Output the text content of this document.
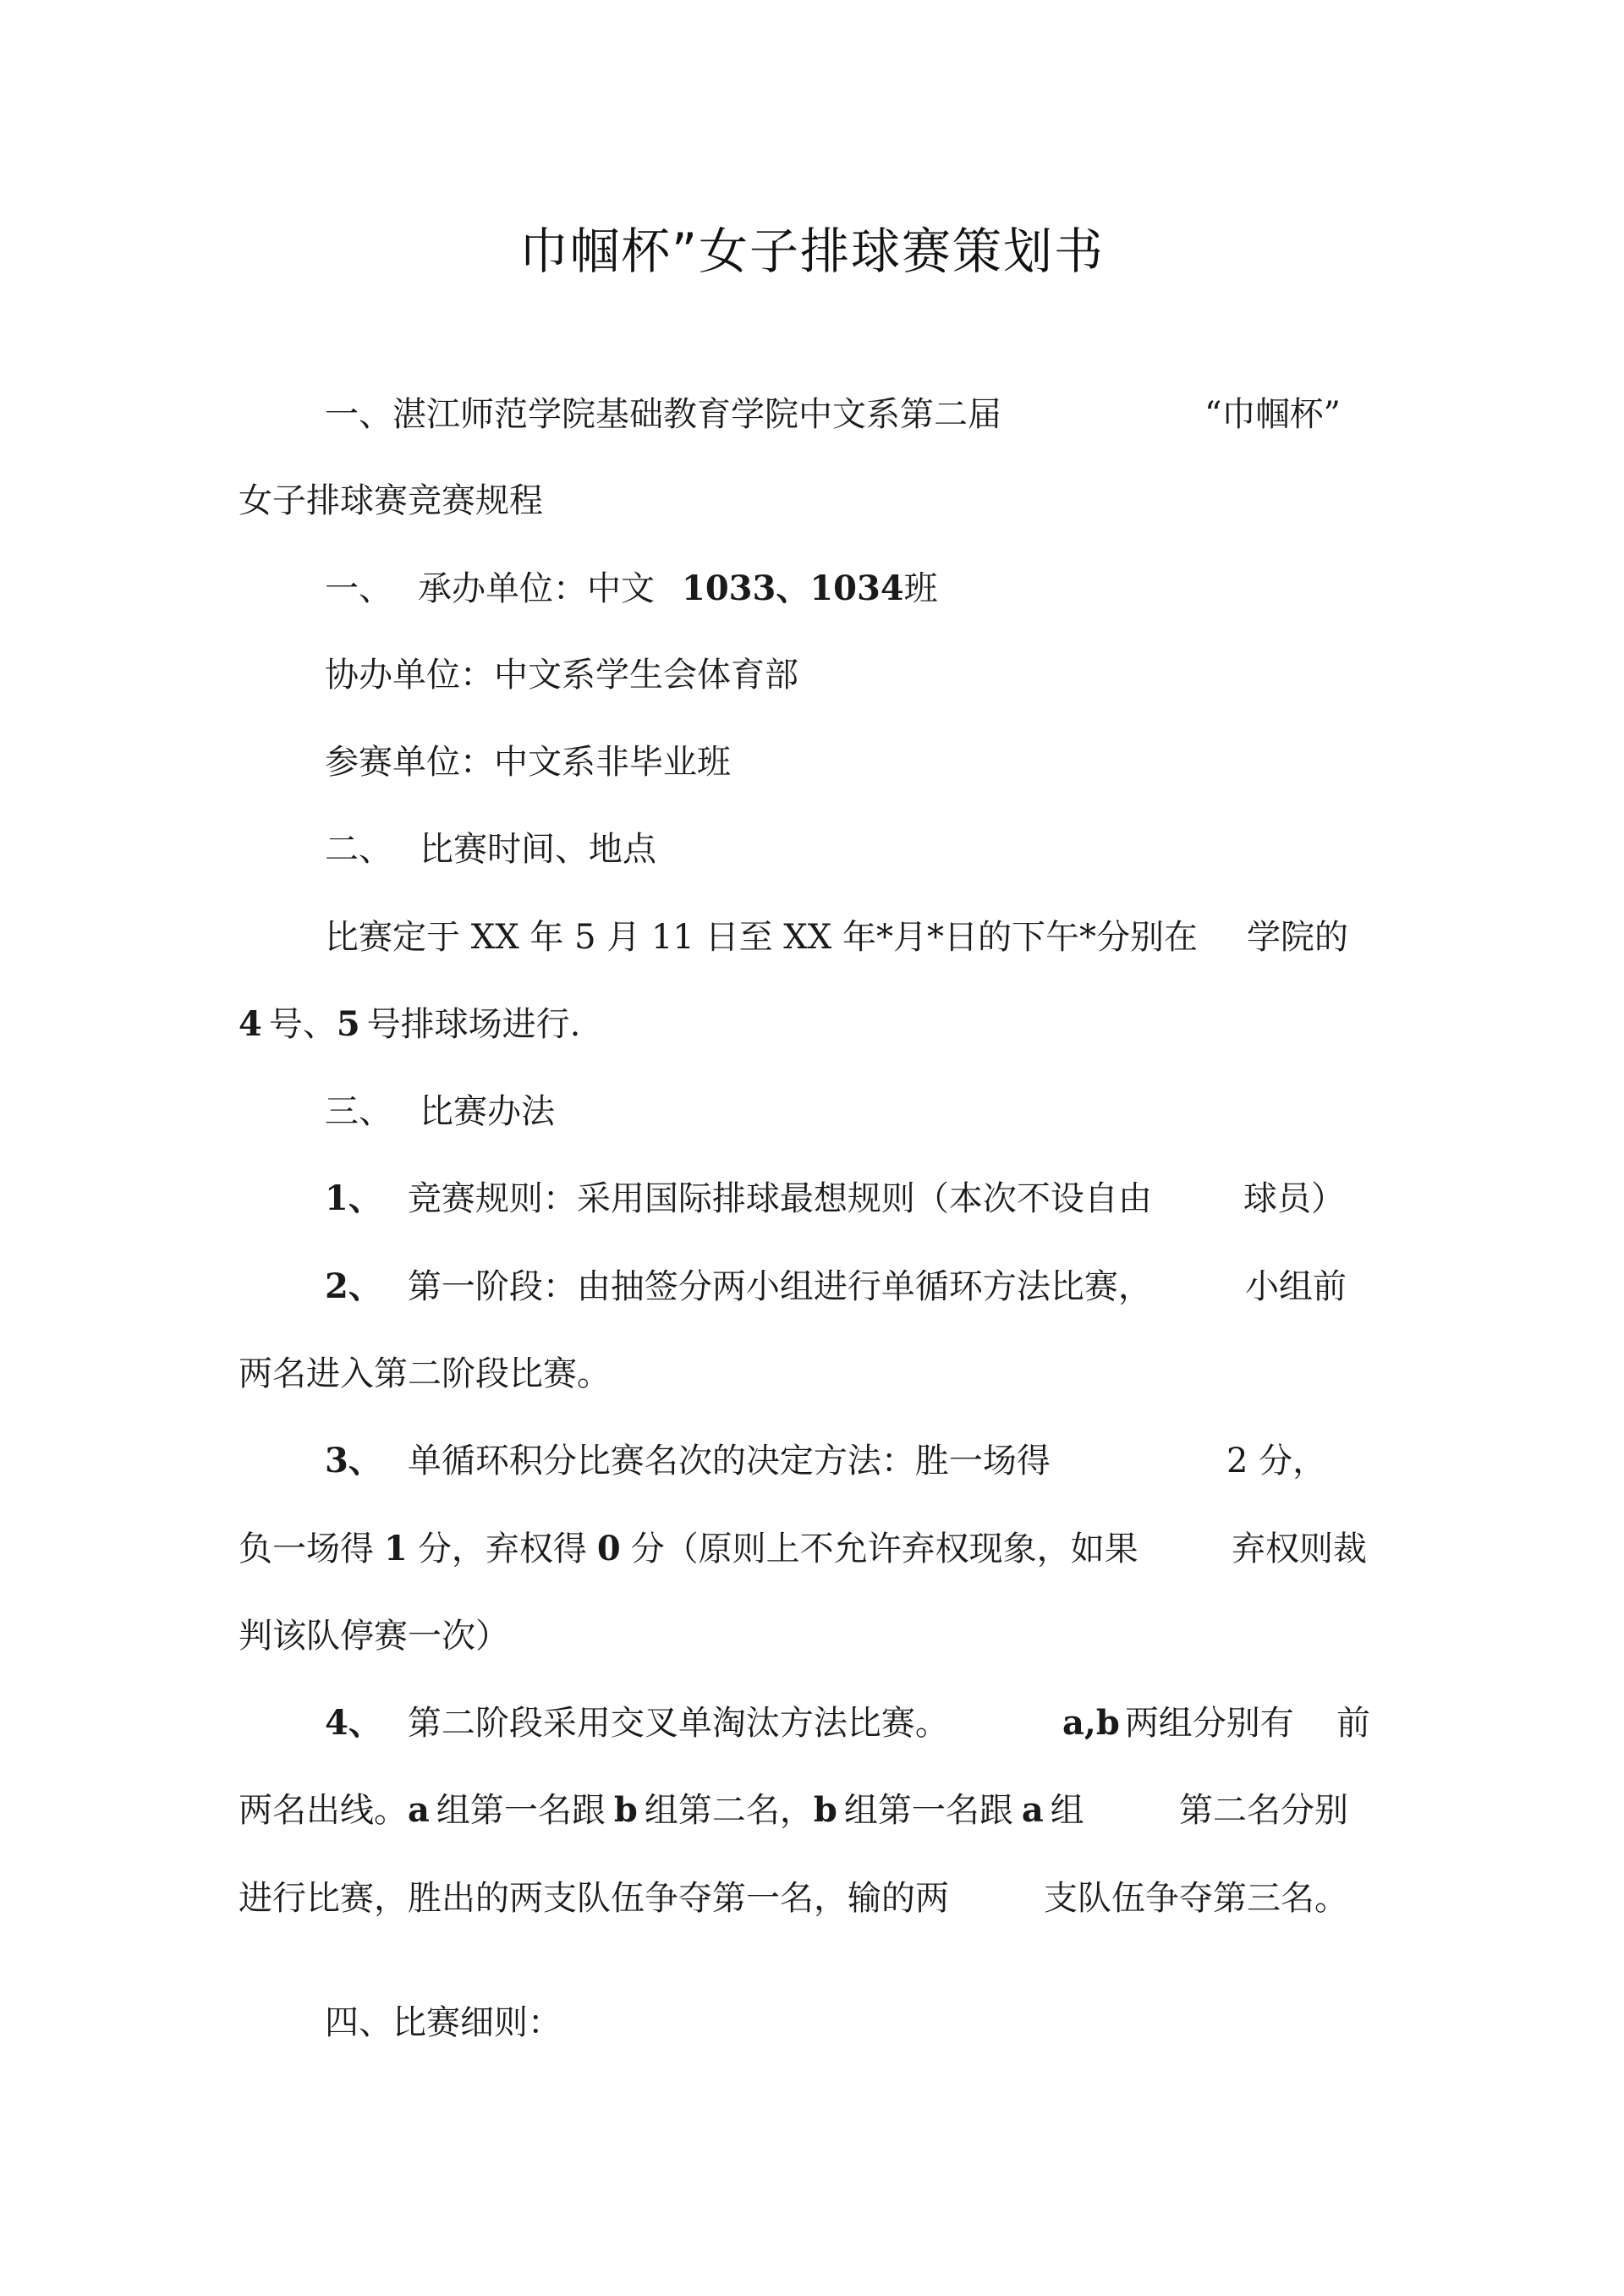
巾帼杯”女子排球赛策划书
一、湛江师范学院基础教育学院中文系第二届	“巾帼杯”
女子排球赛竞赛规程
一、 承办单位：中文 1033、1034班
协办单位：中文系学生会体育部
参赛单位：中文系非毕业班
二、 比赛时间、地点
比赛定于 XX 年 5 月 11 日至 XX 年*月*日的下午*分别在 学院的
4 号、5 号排球场进行.
三、 比赛办法
1、 竞赛规则：采用国际排球最想规则（本次不设自由	球员）
2、 第一阶段：由抽签分两小组进行单循环方法比赛，	小组前
两名进入第二阶段比赛。
3、 单循环积分比赛名次的决定方法：胜一场得	2 分，
负一场得 1 分，弃权得 0 分（原则上不允许弃权现象，如果	弃权则裁
判该队停赛一次）
4、 第二阶段采用交叉单淘汰方法比赛。	a,b 两组分别有 前
两名出线。a 组第一名跟 b 组第二名，b 组第一名跟 a 组	第二名分别
进行比赛，胜出的两支队伍争夺第一名，输的两	支队伍争夺第三名。
四、比赛细则：
